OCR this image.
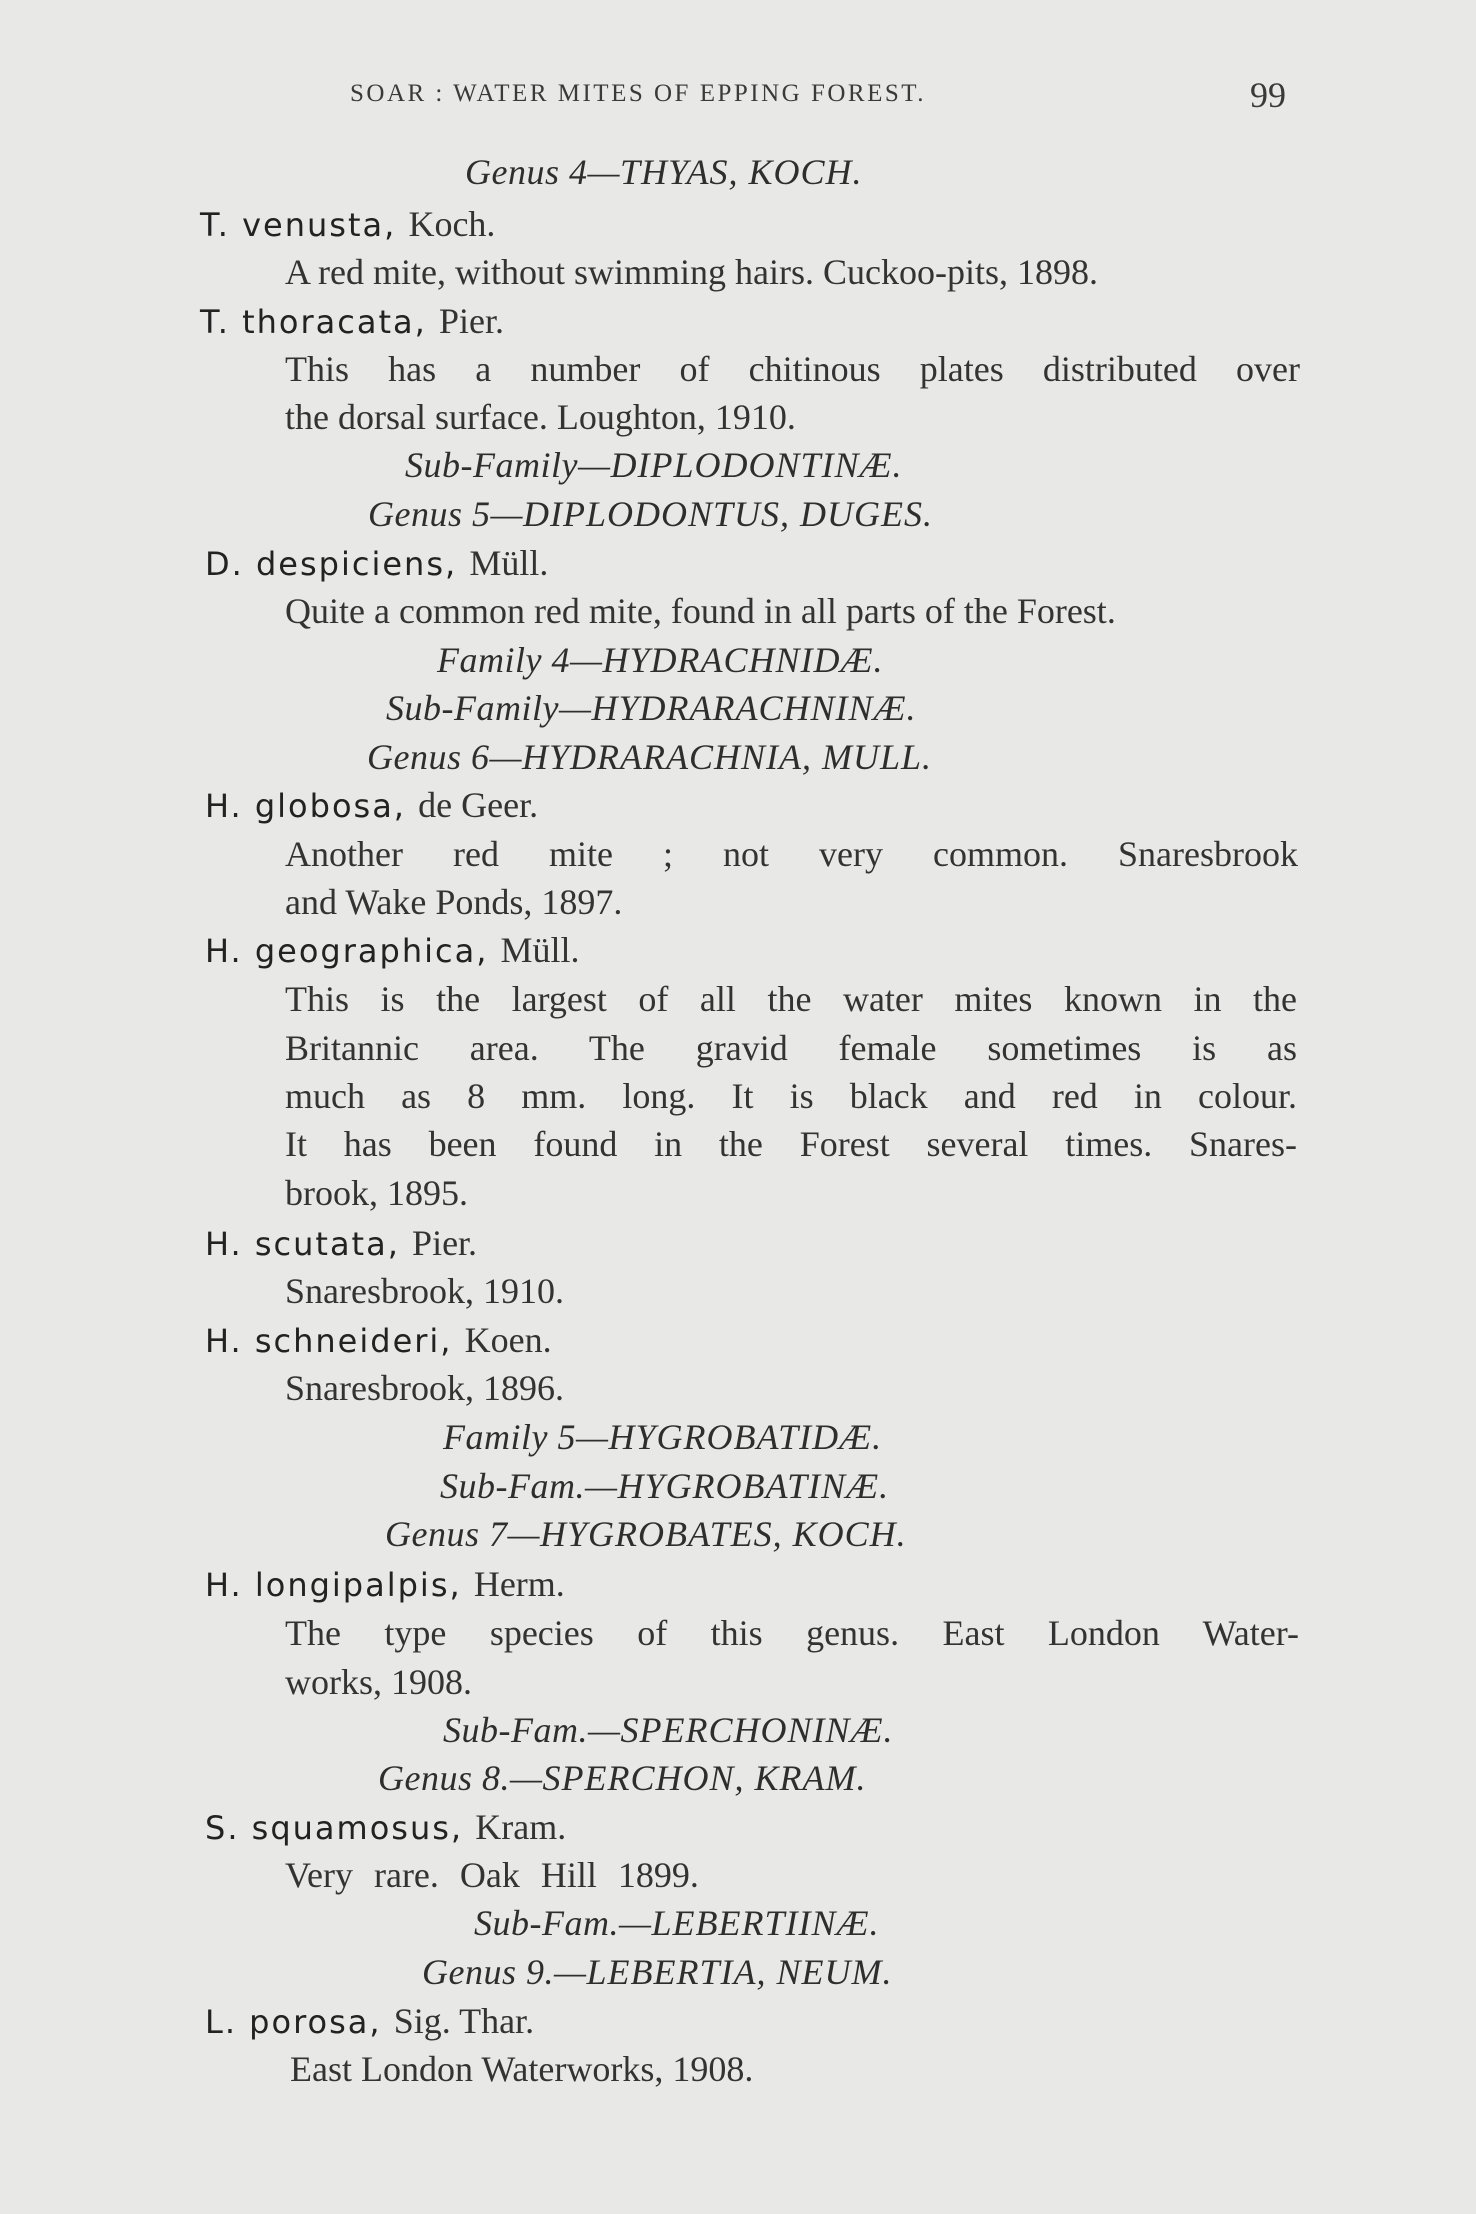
SOAR : WATER MITES OF EPPING FOREST.	99
Genus 4—THYAS, KOCH.
T. venusta, Koch.
A red mite, without swimming hairs. Cuckoo-pits, 1898.
T. thoracata, Pier.
This has a number of chitinous plates distributed over
the dorsal surface. Loughton, 1910.
Sub-Family—DIPLODONTINÆ.
Genus 5—DIPLODONTUS, DUGES.
D. despiciens, Müll.
Quite a common red mite, found in all parts of the Forest.
Family 4—HYDRACHNIDÆ.
Sub-Family—HYDRARACHNINÆ.
Genus 6—HYDRARACHNIA, MULL.
H. globosa, de Geer.
Another red mite ; not very common. Snaresbrook
and Wake Ponds, 1897.
H. geographica, Müll.
This is the largest of all the water mites known in the
Britannic area. The gravid female sometimes is as
much as 8 mm. long. It is black and red in colour.
It has been found in the Forest several times. Snares-
brook, 1895.
H. scutata, Pier.
Snaresbrook, 1910.
H. schneideri, Koen.
Snaresbrook, 1896.
Family 5—HYGROBATIDÆ.
Sub-Fam.—HYGROBATINÆ.
Genus 7—HYGROBATES, KOCH.
H. longipalpis, Herm.
The type species of this genus. East London Water-
works, 1908.
Sub-Fam.—SPERCHONINÆ.
Genus 8.—SPERCHON, KRAM.
S. squamosus, Kram.
Very rare. Oak Hill 1899.
Sub-Fam.—LEBERTIINÆ.
Genus 9.—LEBERTIA, NEUM.
L. porosa, Sig. Thar.
East London Waterworks, 1908.
